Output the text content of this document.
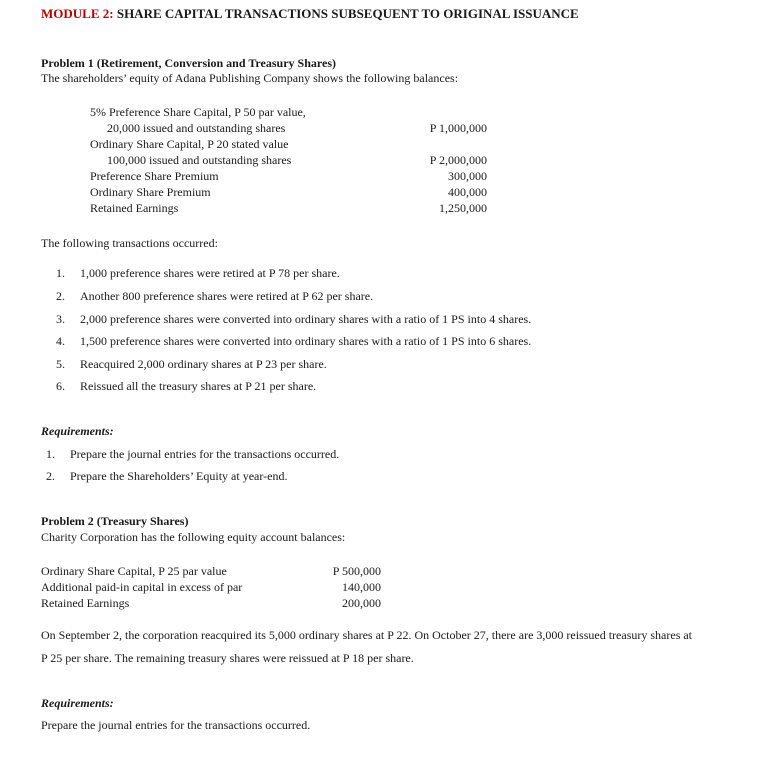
MODULE 2: SHARE CAPITAL TRANSACTIONS SUBSEQUENT TO ORIGINAL ISSUANCE
Problem 1 (Retirement, Conversion and Treasury Shares)
The shareholders’ equity of Adana Publishing Company shows the following balances:
5% Preference Share Capital, P 50 par value,
20,000 issued and outstanding shares	P 1,000,000
Ordinary Share Capital, P 20 stated value
100,000 issued and outstanding shares	P 2,000,000
Preference Share Premium	300,000
Ordinary Share Premium	400,000
Retained Earnings	1,250,000
The following transactions occurred:
1. 1,000 preference shares were retired at P 78 per share.
2. Another 800 preference shares were retired at P 62 per share.
3. 2,000 preference shares were converted into ordinary shares with a ratio of 1 PS into 4 shares.
4. 1,500 preference shares were converted into ordinary shares with a ratio of 1 PS into 6 shares.
5. Reacquired 2,000 ordinary shares at P 23 per share.
6. Reissued all the treasury shares at P 21 per share.
Requirements:
1. Prepare the journal entries for the transactions occurred.
2. Prepare the Shareholders’ Equity at year-end.
Problem 2 (Treasury Shares)
Charity Corporation has the following equity account balances:
Ordinary Share Capital, P 25 par value	P 500,000
Additional paid-in capital in excess of par	140,000
Retained Earnings	200,000
On September 2, the corporation reacquired its 5,000 ordinary shares at P 22. On October 27, there are 3,000 reissued treasury shares at
P 25 per share. The remaining treasury shares were reissued at P 18 per share.
Requirements:
Prepare the journal entries for the transactions occurred.
